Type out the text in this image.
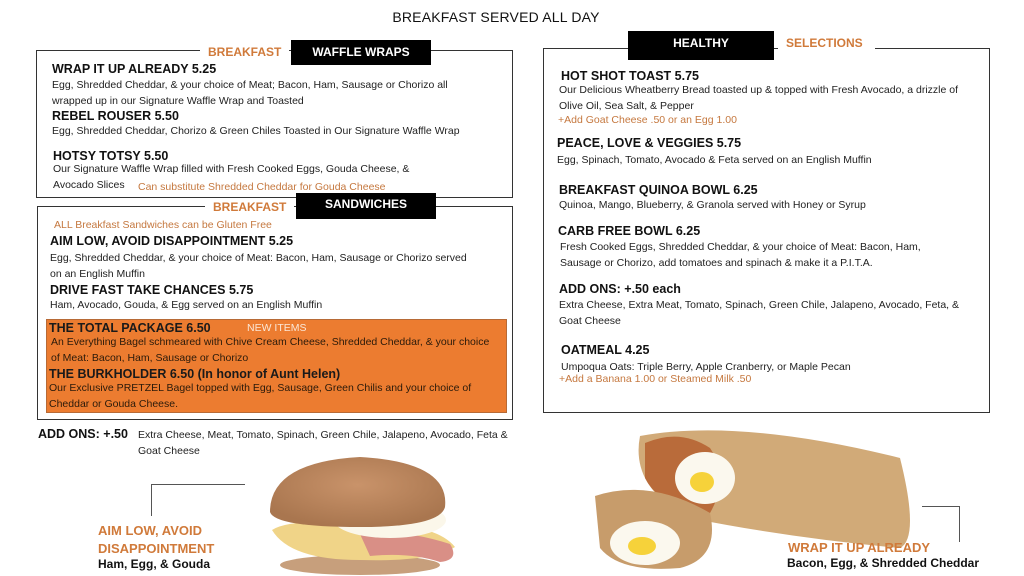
BREAKFAST SERVED ALL DAY
BREAKFAST	WAFFLE WRAPS
WRAP IT UP ALREADY 5.25
Egg, Shredded Cheddar, & your choice of Meat; Bacon, Ham, Sausage or Chorizo all wrapped up in our Signature Waffle Wrap and Toasted
REBEL ROUSER 5.50
Egg, Shredded Cheddar, Chorizo & Green Chiles Toasted in Our Signature Waffle Wrap
HOTSY TOTSY 5.50
Our Signature Waffle Wrap filled with Fresh Cooked Eggs, Gouda Cheese, &
Avocado Slices Can substitute Shredded Cheddar for Gouda Cheese
BREAKFAST	SANDWICHES
ALL Breakfast Sandwiches can be Gluten Free
AIM LOW, AVOID DISAPPOINTMENT 5.25
Egg, Shredded Cheddar, & your choice of Meat: Bacon, Ham, Sausage or Chorizo served on an English Muffin
DRIVE FAST TAKE CHANCES 5.75
Ham, Avocado, Gouda, & Egg served on an English Muffin
THE TOTAL PACKAGE 6.50	NEW ITEMS
An Everything Bagel schmeared with Chive Cream Cheese, Shredded Cheddar, & your choice of Meat: Bacon, Ham, Sausage or Chorizo
THE BURKHOLDER 6.50 (In honor of Aunt Helen)
Our Exclusive PRETZEL Bagel topped with Egg, Sausage, Green Chilis and your choice of Cheddar or Gouda Cheese.
ADD ONS: +.50 Extra Cheese, Meat, Tomato, Spinach, Green Chile, Jalapeno, Avocado, Feta & Goat Cheese
HEALTHY	SELECTIONS
HOT SHOT TOAST 5.75
Our Delicious Wheatberry Bread toasted up & topped with Fresh Avocado, a drizzle of Olive Oil, Sea Salt, & Pepper
+Add Goat Cheese .50 or an Egg 1.00
PEACE, LOVE & VEGGIES 5.75
Egg, Spinach, Tomato, Avocado & Feta served on an English Muffin
BREAKFAST QUINOA BOWL 6.25
Quinoa, Mango, Blueberry, & Granola served with Honey or Syrup
CARB FREE BOWL 6.25
Fresh Cooked Eggs, Shredded Cheddar, & your choice of Meat: Bacon, Ham, Sausage or Chorizo, add tomatoes and spinach & make it a P.I.T.A.
ADD ONS: +.50 each
Extra Cheese, Extra Meat, Tomato, Spinach, Green Chile, Jalapeno, Avocado, Feta, & Goat Cheese
OATMEAL 4.25
Umpoqua Oats: Triple Berry, Apple Cranberry, or Maple Pecan
+Add a Banana 1.00 or Steamed Milk .50
AIM LOW, AVOID DISAPPOINTMENT
Ham, Egg, & Gouda
WRAP IT UP ALREADY
Bacon, Egg, & Shredded Cheddar
